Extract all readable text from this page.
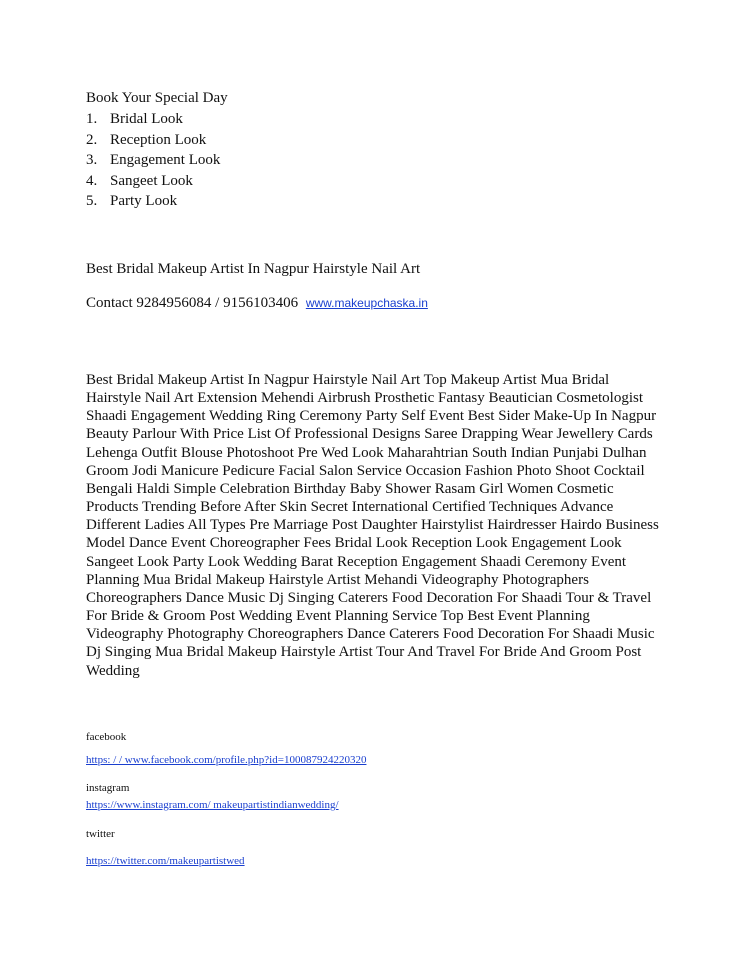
Book Your Special Day

1. Bridal Look
2. Reception Look
3. Engagement Look
4. Sangeet Look
5. Party Look

Best Bridal Makeup Artist In Nagpur Hairstyle Nail Art

Contact 9284956084 / 9156103406 www.makeupchaska.in

Best Bridal Makeup Artist In Nagpur Hairstyle Nail Art Top Makeup Artist Mua Bridal Hairstyle Nail Art Extension Mehendi Airbrush Prosthetic Fantasy Beautician Cosmetologist Shaadi Engagement Wedding Ring Ceremony Party Self Event Best Sider Make-Up In Nagpur Beauty Parlour With Price List Of Professional Designs Saree Drapping Wear Jewellery Cards Lehenga Outfit Blouse Photoshoot Pre Wed Look Maharahtrian South Indian Punjabi Dulhan Groom Jodi Manicure Pedicure Facial Salon Service Occasion Fashion Photo Shoot Cocktail Bengali Haldi Simple Celebration Birthday Baby Shower Rasam Girl Women Cosmetic Products Trending Before After Skin Secret International Certified Techniques Advance Different Ladies All Types Pre Marriage Post Daughter Hairstylist Hairdresser Hairdo Business Model Dance Event Choreographer Fees Bridal Look Reception Look Engagement Look Sangeet Look Party Look Wedding Barat Reception Engagement Shaadi Ceremony Event Planning Mua Bridal Makeup Hairstyle Artist Mehandi Videography Photographers Choreographers Dance Music Dj Singing Caterers Food Decoration For Shaadi Tour & Travel For Bride & Groom Post Wedding Event Planning Service Top Best Event Planning Videography Photography Choreographers Dance Caterers Food Decoration For Shaadi Music Dj Singing Mua Bridal Makeup Hairstyle Artist Tour And Travel For Bride And Groom Post Wedding

facebook

https: / / www.facebook.com/profile.php?id=100087924220320

instagram

https://www.instagram.com/ makeupartistindianwedding/

twitter

https://twitter.com/makeupartistwed
